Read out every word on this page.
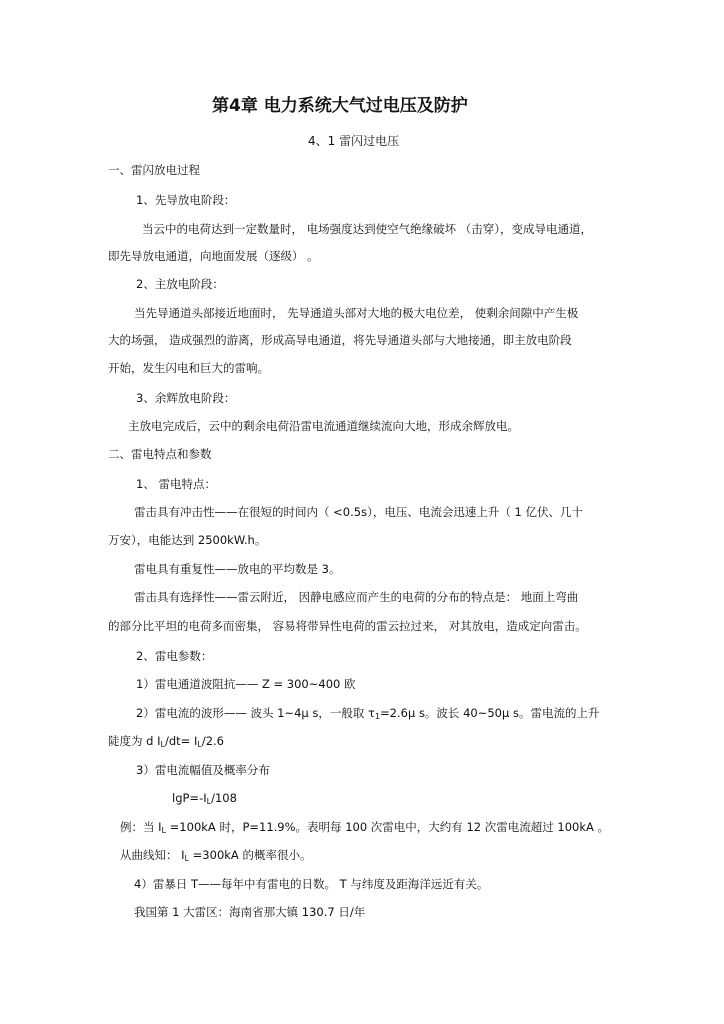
第4章 电力系统大气过电压及防护
4、1 雷闪过电压
一、雷闪放电过程
1、先导放电阶段：
当云中的电荷达到一定数量时， 电场强度达到使空气绝缘破坏 （击穿），变成导电通道，
即先导放电通道，向地面发展（逐级） 。
2、主放电阶段：
当先导通道头部接近地面时， 先导通道头部对大地的极大电位差， 使剩余间隙中产生极
大的场强， 造成强烈的游离，形成高导电通道，将先导通道头部与大地接通，即主放电阶段
开始，发生闪电和巨大的雷响。
3、余辉放电阶段：
主放电完成后，云中的剩余电荷沿雷电流通道继续流向大地，形成余辉放电。
二、雷电特点和参数
1、 雷电特点：
雷击具有冲击性——在很短的时间内（ <0.5s），电压、电流会迅速上升（ 1 亿伏、几十
万安），电能达到 2500kW.h。
雷电具有重复性——放电的平均数是 3。
雷击具有选择性——雷云附近， 因静电感应而产生的电荷的分布的特点是： 地面上弯曲
的部分比平坦的电荷多而密集， 容易将带异性电荷的雷云拉过来， 对其放电，造成定向雷击。
2、雷电参数：
1）雷电通道波阻抗—— Z = 300~400 欧
2）雷电流的波形—— 波头 1~4μ s，一般取 $\tau_1=2.6\mu$ s。波长 40~50μ s。雷电流的上升
陡度为 d $I_L/dt= I_L/2.6$
3）雷电流幅值及概率分布
$\lg P=-I_L/108$
例：当 $I_L =100kA$ 时，P=11.9%。表明每 100 次雷电中，大约有 12 次雷电流超过 100kA 。
从曲线知： $I_L =300kA$ 的概率很小。
4）雷暴日 T——每年中有雷电的日数。 T 与纬度及距海洋远近有关。
我国第 1 大雷区：海南省那大镇 130.7 日/年
